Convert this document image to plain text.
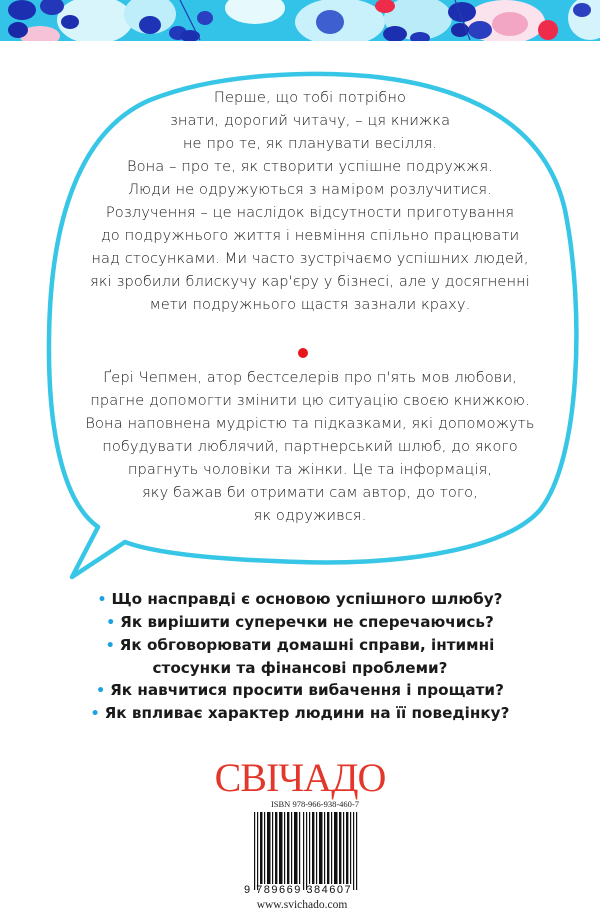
Перше, що тобі потрібно
знати, дорогий читачу, – ця книжка
не про те, як планувати весілля.
Вона – про те, як створити успішне подружжя.
Люди не одружуються з наміром розлучитися.
Розлучення – це наслідок відсутности приготування
до подружнього життя і невміння спільно працювати
над стосунками. Ми часто зустрічаємо успішних людей,
які зробили блискучу кар'єру у бізнесі, але у досягненні
мети подружнього щастя зазнали краху.
Ґері Чепмен, атор бестселерів про п'ять мов любови,
прагне допомогти змінити цю ситуацію своєю книжкою.
Вона наповнена мудрістю та підказками, які допоможуть
побудувати люблячий, партнерський шлюб, до якого
прагнуть чоловіки та жінки. Це та інформація,
яку бажав би отримати сам автор, до того,
як одружився.
• Що насправді є основою успішного шлюбу?
• Як вирішити суперечки не сперечаючись?
• Як обговорювати домашні справи, інтимні
стосунки та фінансові проблеми?
• Як навчитися просити вибачення і прощати?
• Як впливає характер людини на її поведінку?
СВІЧАДО
ISBN 978-966-938-460-7
9 789669 384607
www.svichado.com
